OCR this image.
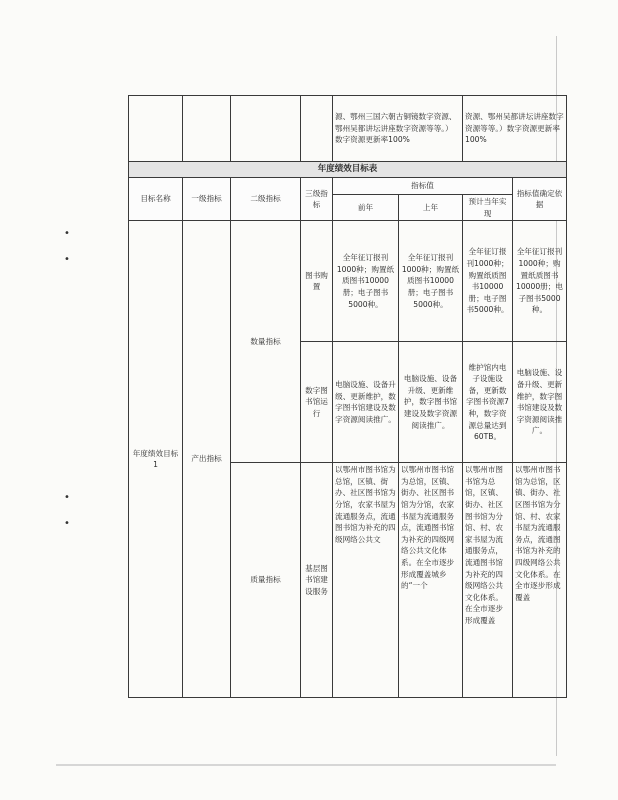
•
•
•
•
				源、鄂州三国六朝古铜镜数字资源、鄂州吴都讲坛讲座数字资源等等。）数字资源更新率100%		资源、鄂州吴都讲坛讲座数字资源等等。）数字资源更新率100%	
年度绩效目标表							
目标名称	一级指标	二级指标	三级指标	指标值			指标值确定依据
				前年	上年	预计当年实现	
年度绩效目标1	产出指标	数量指标	图书购置	全年征订报刊1000种；购置纸质图书10000册；电子图书5000种。	全年征订报刊1000种；购置纸质图书10000册；电子图书5000种。	全年征订报刊1000种；购置纸质图书10000册；电子图书5000种。	全年征订报刊1000种；购置纸质图书10000册；电子图书5000种。
			数字图书馆运行	电脑设施、设备升级、更新维护，数字图书馆建设及数字资源阅读推广。	电脑设施、设备升级、更新维护，数字图书馆建设及数字资源阅读推广。	维护馆内电子设施设备，更新数字图书资源7种，数字资源总量达到60TB。	电脑设施、设备升级、更新维护，数字图书馆建设及数字资源阅读推广。
		质量指标	基层图书馆建设服务	以鄂州市图书馆为总馆，区镇、街办、社区图书馆为分馆，农家书屋为流通服务点，流通图书馆为补充的四级网络公共文	以鄂州市图书馆为总馆，区镇、街办、社区图书馆为分馆，农家书屋为流通服务点，流通图书馆为补充的四级网络公共文化体系。在全市逐步形成覆盖城乡的“一个	以鄂州市图书馆为总馆，区镇、街办、社区图书馆为分馆、村、农家书屋为流通服务点，流通图书馆为补充的四级网络公共文化体系。在全市逐步形成覆盖	以鄂州市图书馆为总馆，区镇、街办、社区图书馆为分馆、村、农家书屋为流通服务点，流通图书馆为补充的四级网络公共文化体系。在全市逐步形成覆盖
